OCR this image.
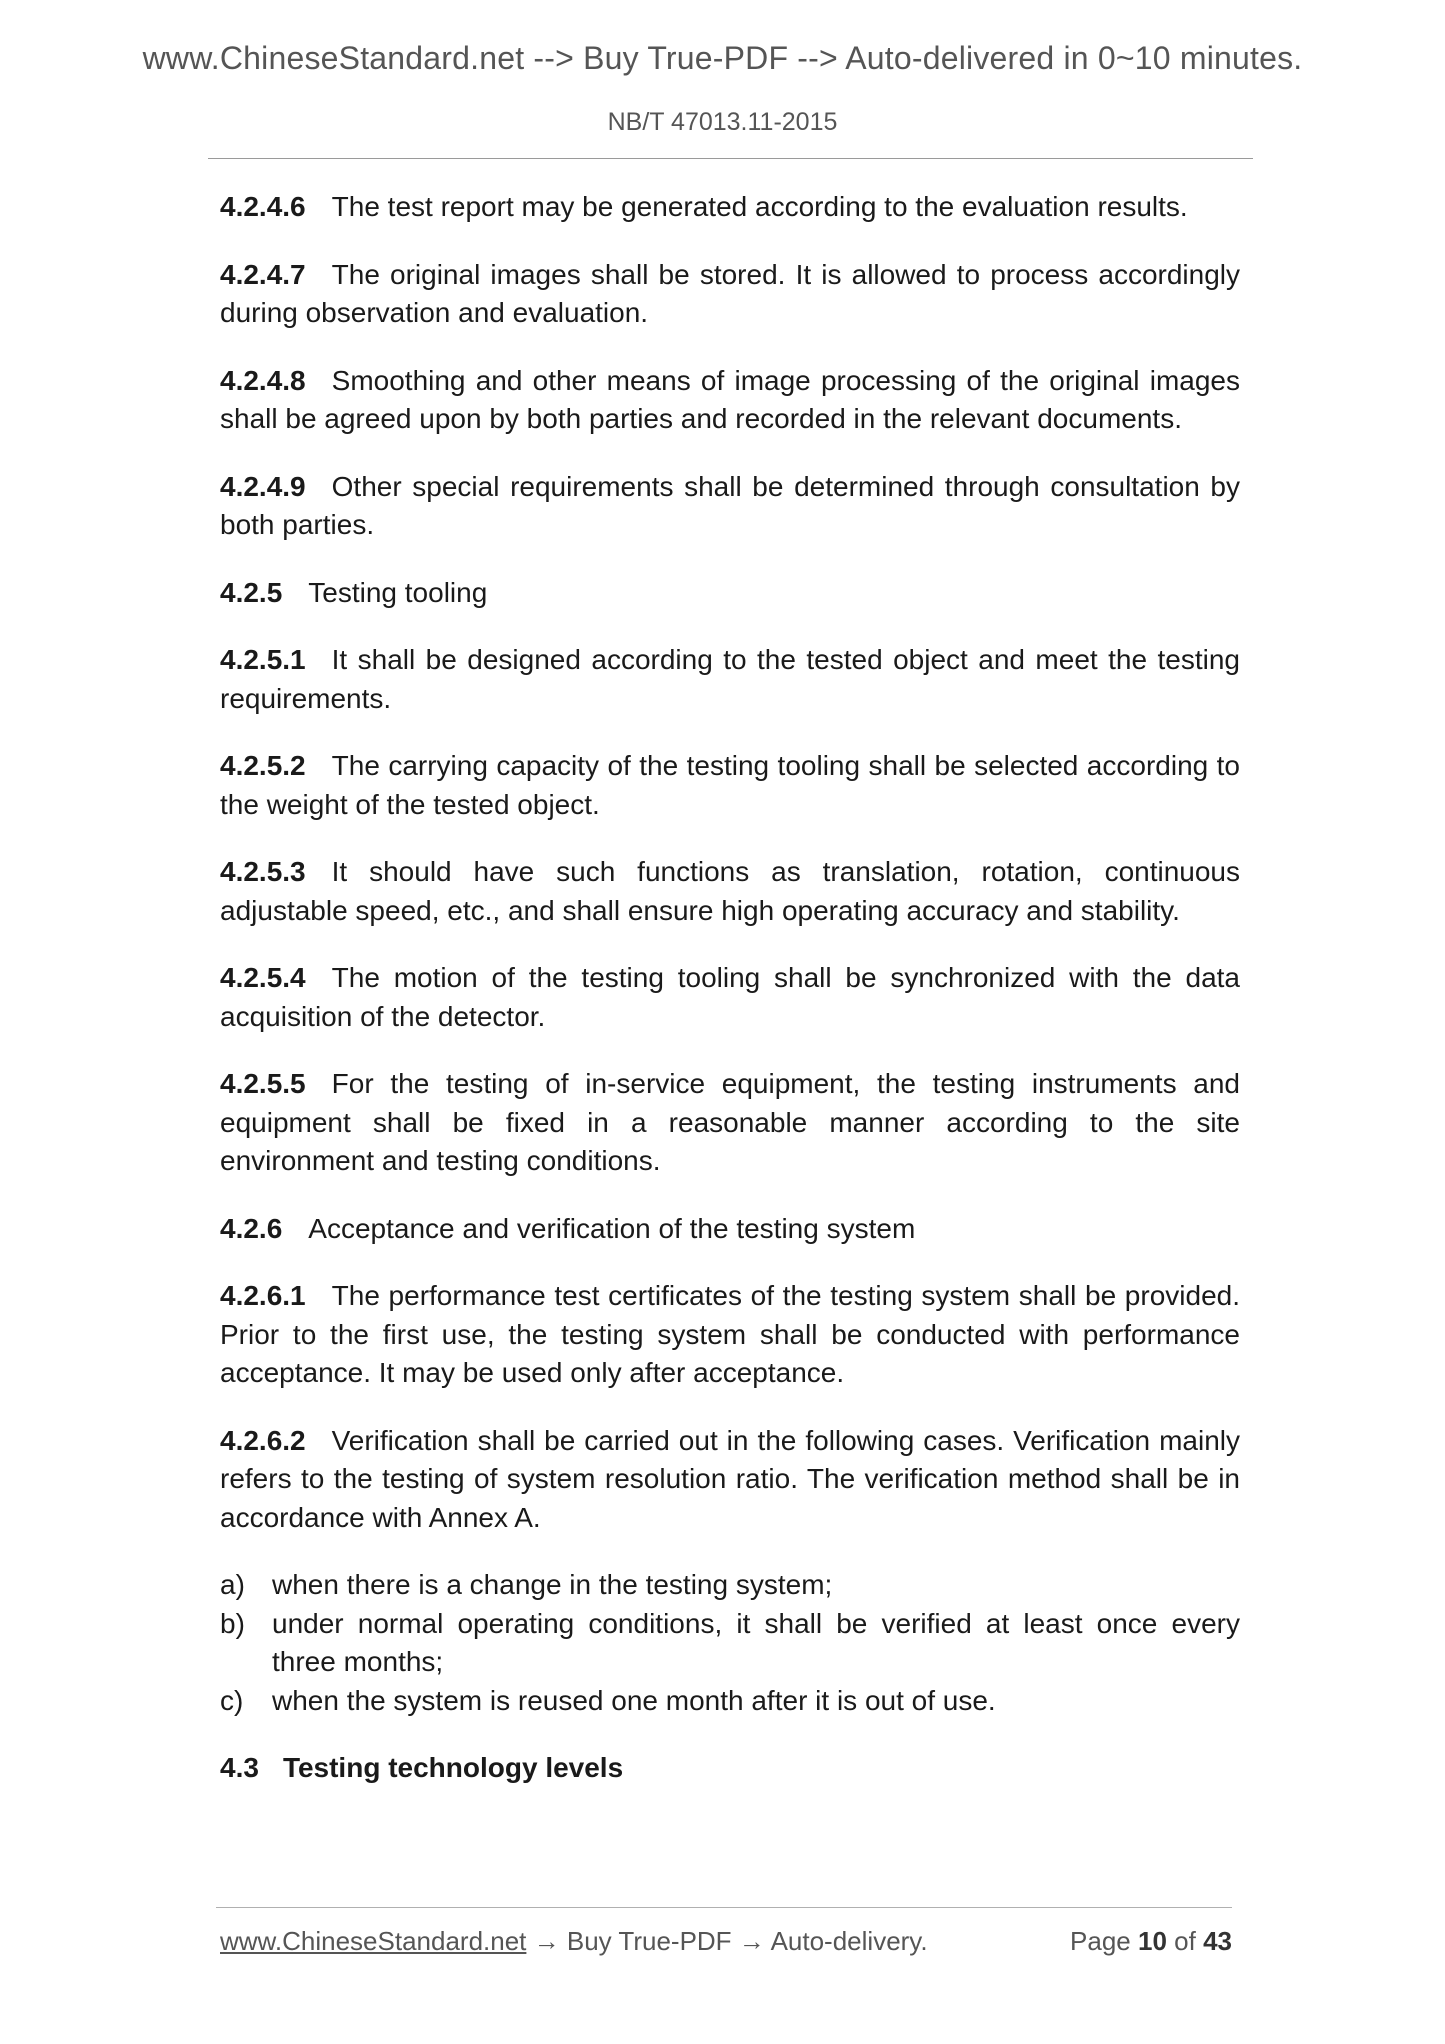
www.ChineseStandard.net --> Buy True-PDF --> Auto-delivered in 0~10 minutes.
NB/T 47013.11-2015

4.2.4.6 The test report may be generated according to the evaluation results.

4.2.4.7 The original images shall be stored. It is allowed to process accordingly during observation and evaluation.

4.2.4.8 Smoothing and other means of image processing of the original images shall be agreed upon by both parties and recorded in the relevant documents.

4.2.4.9 Other special requirements shall be determined through consultation by both parties.

4.2.5 Testing tooling

4.2.5.1 It shall be designed according to the tested object and meet the testing requirements.

4.2.5.2 The carrying capacity of the testing tooling shall be selected according to the weight of the tested object.

4.2.5.3 It should have such functions as translation, rotation, continuous adjustable speed, etc., and shall ensure high operating accuracy and stability.

4.2.5.4 The motion of the testing tooling shall be synchronized with the data acquisition of the detector.

4.2.5.5 For the testing of in-service equipment, the testing instruments and equipment shall be fixed in a reasonable manner according to the site environment and testing conditions.

4.2.6 Acceptance and verification of the testing system

4.2.6.1 The performance test certificates of the testing system shall be provided. Prior to the first use, the testing system shall be conducted with performance acceptance. It may be used only after acceptance.

4.2.6.2 Verification shall be carried out in the following cases. Verification mainly refers to the testing of system resolution ratio. The verification method shall be in accordance with Annex A.

a) when there is a change in the testing system;
b) under normal operating conditions, it shall be verified at least once every three months;
c) when the system is reused one month after it is out of use.

4.3 Testing technology levels

www.ChineseStandard.net → Buy True-PDF → Auto-delivery.	Page 10 of 43
